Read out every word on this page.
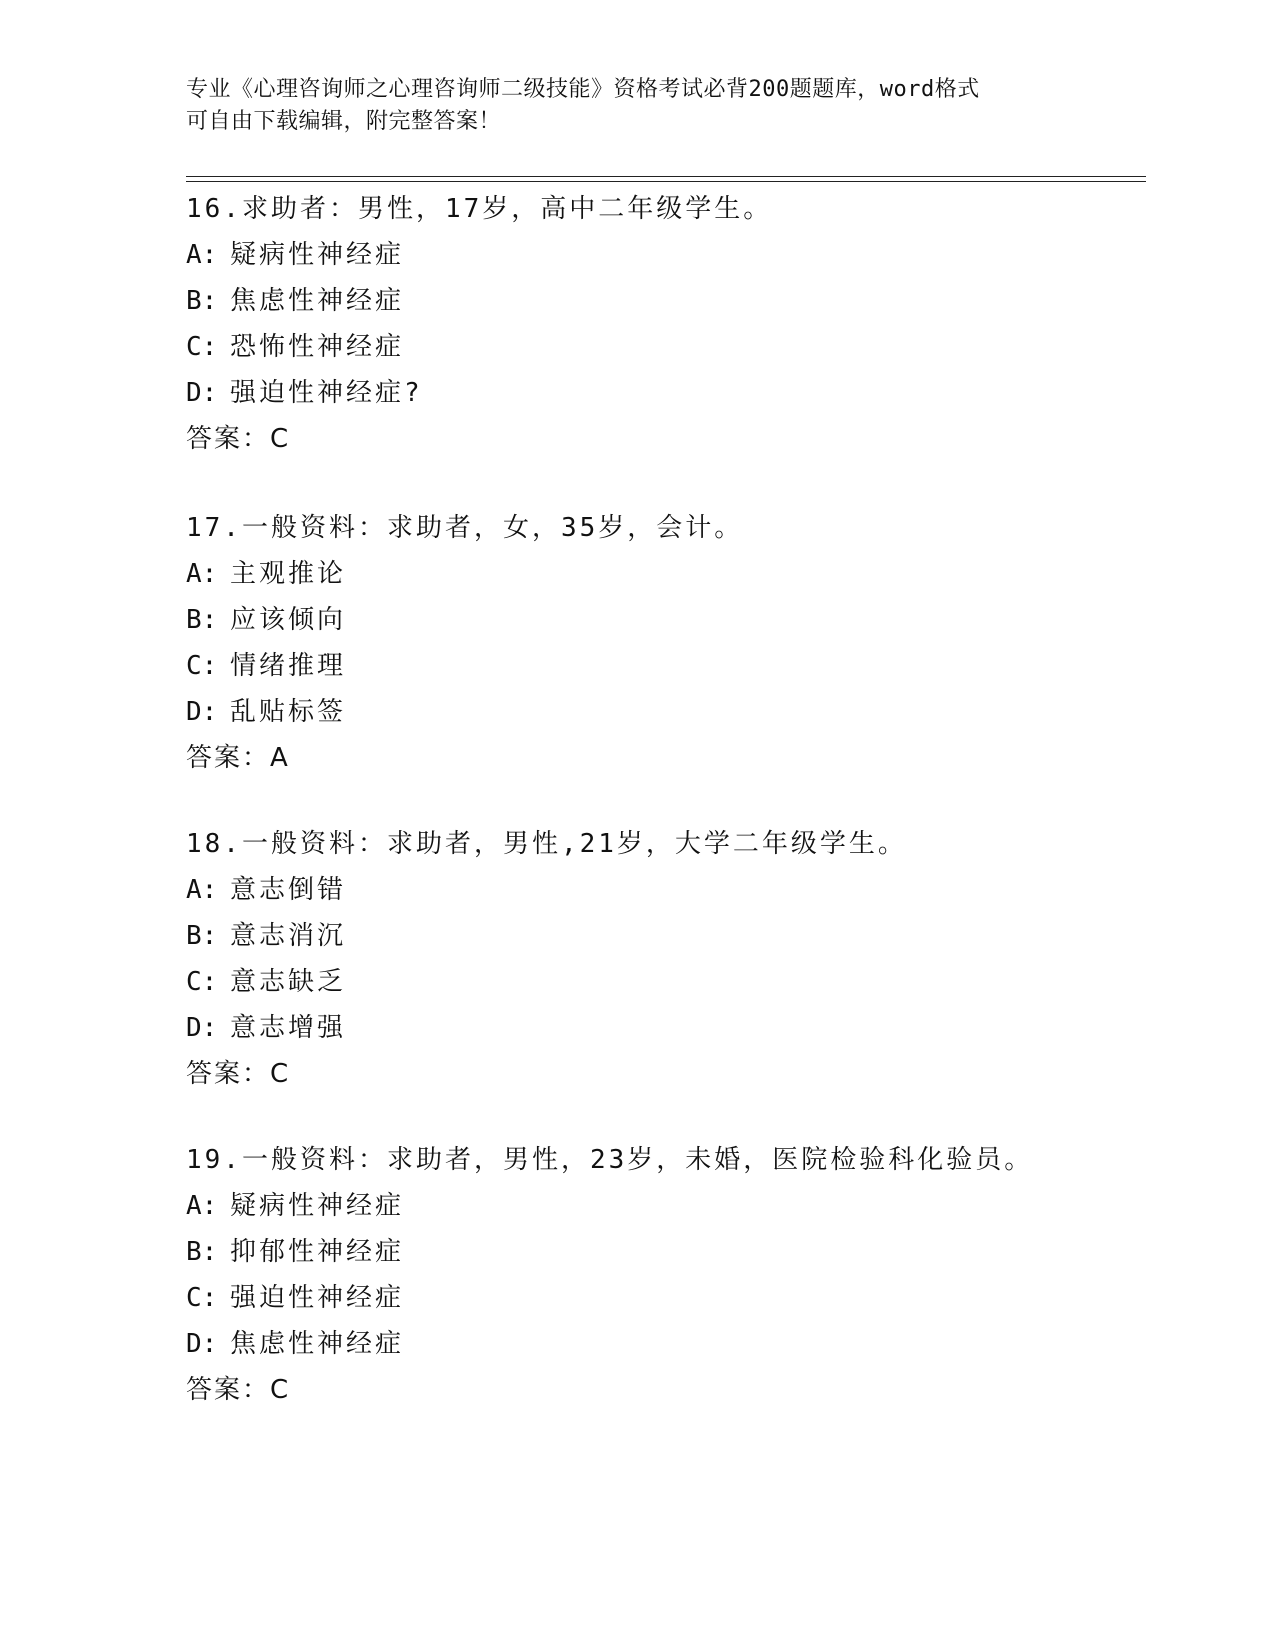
专业《心理咨询师之心理咨询师二级技能》资格考试必背200题题库，word格式
可自由下载编辑，附完整答案！
16.求助者：男性，17岁，高中二年级学生。
A: 疑病性神经症
B: 焦虑性神经症
C: 恐怖性神经症
D: 强迫性神经症?
答案：C
17.一般资料：求助者，女，35岁，会计。
A: 主观推论
B: 应该倾向
C: 情绪推理
D: 乱贴标签
答案：A
18.一般资料：求助者，男性,21岁，大学二年级学生。
A: 意志倒错
B: 意志消沉
C: 意志缺乏
D: 意志增强
答案：C
19.一般资料：求助者，男性，23岁，未婚，医院检验科化验员。
A: 疑病性神经症
B: 抑郁性神经症
C: 强迫性神经症
D: 焦虑性神经症
答案：C
